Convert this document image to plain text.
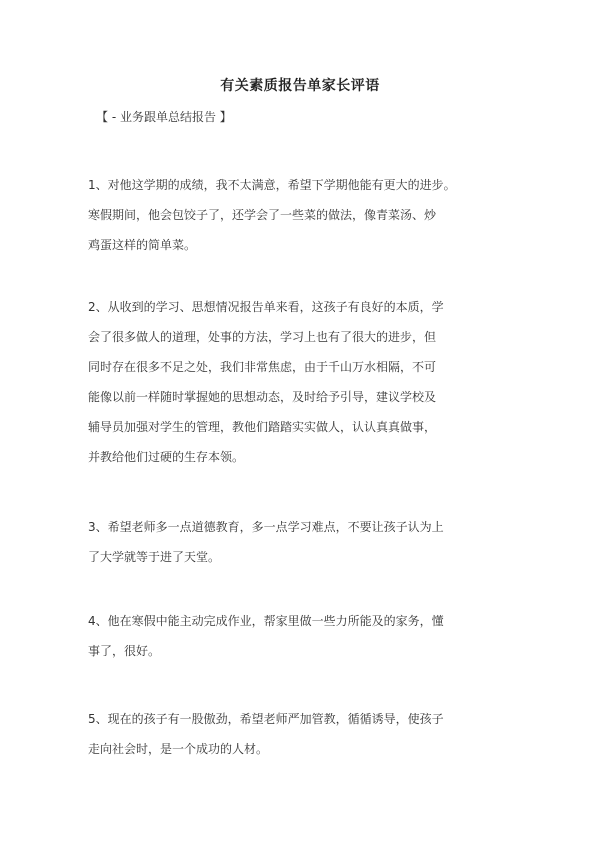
有关素质报告单家长评语
【 - 业务跟单总结报告 】
1、对他这学期的成绩，我不太满意，希望下学期他能有更大的进步。
寒假期间，他会包饺子了，还学会了一些菜的做法，像青菜汤、炒
鸡蛋这样的简单菜。
2、从收到的学习、思想情况报告单来看，这孩子有良好的本质，学
会了很多做人的道理，处事的方法，学习上也有了很大的进步，但
同时存在很多不足之处，我们非常焦虑，由于千山万水相隔，不可
能像以前一样随时掌握她的思想动态，及时给予引导，建议学校及
辅导员加强对学生的管理，教他们踏踏实实做人，认认真真做事，
并教给他们过硬的生存本领。
3、希望老师多一点道德教育，多一点学习难点，不要让孩子认为上
了大学就等于进了天堂。
4、他在寒假中能主动完成作业，帮家里做一些力所能及的家务，懂
事了，很好。
5、现在的孩子有一股傲劲，希望老师严加管教，循循诱导，使孩子
走向社会时，是一个成功的人材。
